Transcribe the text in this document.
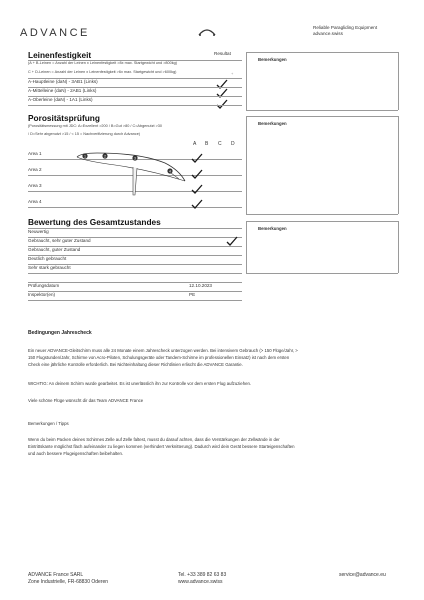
ADVANCE	Reliable Paragliding Equipment
advance.swiss
Leinenfestigkeit	Resultat
(A + B-Leinen = Anzahl der Leinen x Leinenfestigkeit >8x max. Startgewicht und >800kg)
C + D-Leinen = Anzahl der Leinen x Leinenfestigkeit >6x max. Startgewicht und >600kg)	+
Bemerkungen
A-Hauptleine (daN) - 3AB1 (Links)
A-Mittelleine (daN) - 2AB1 (Links)
A-Oberleine (daN) - 1A1 (Links)
Porositätsprüfung
(Porositätsmessung mit JDC: A=Exzellent >200 / B=Gut >80 / C=Abgenutzt >30
/ D=Sehr abgenutzt >15 / < 15 = Nachverifizierung durch Advance)
Bemerkungen
A B C D
Area 1
Area 2
Area 3
Area 4
1	2	3
4
Bewertung des Gesamtzustandes
Bemerkungen
Neuwertig
Gebraucht, sehr guter Zustand
Gebraucht, guter Zustand
Deutlich gebraucht
Sehr stark gebraucht
Prüfungsdatum	12.10.2023
Inspektor(en)	PE
Bedingungen Jahrescheck
Ein neuer ADVANCE-Gleitschirm muss alle 24 Monate einem Jahrescheck unterzogen werden. Bei intensivem Gebrauch (> 150 Flüge/Jahr, >
150 Flugstunden/Jahr, Schirme von Acro-Piloten, Schulungsgeräte oder Tandem-Schirme im professionellen Einsatz) ist nach dem ersten
Check eine jährliche Kontrolle erforderlich. Bei Nichteinhaltung dieser Richtlinien erlischt die ADVANCE Garantie.
WICHTIG: An deinem Schirm wurde gearbeitet. Es ist unerlässlich ihn zur Kontrolle vor dem ersten Flug aufzuziehen.
Viele schöne Flüge wünscht dir das Team ADVANCE France
Bemerkungen / Tipps
Wenn du beim Packen deines Schirmes Zelle auf Zelle faltest, musst du darauf achten, dass die Verstärkungen der Zellwände in der
Eintrittskante möglichst flach aufeinander zu liegen kommen (verhindert Verknitterung). Dadurch wird dein Gerät bessere Starteigenschaften
und auch bessere Flugeigenschaften beibehalten.
ADVANCE France SARL
Zone Industrielle, FR-68830 Oderen
Tel. +33 389 82 63 83
www.advance.swiss
service@advance.eu
